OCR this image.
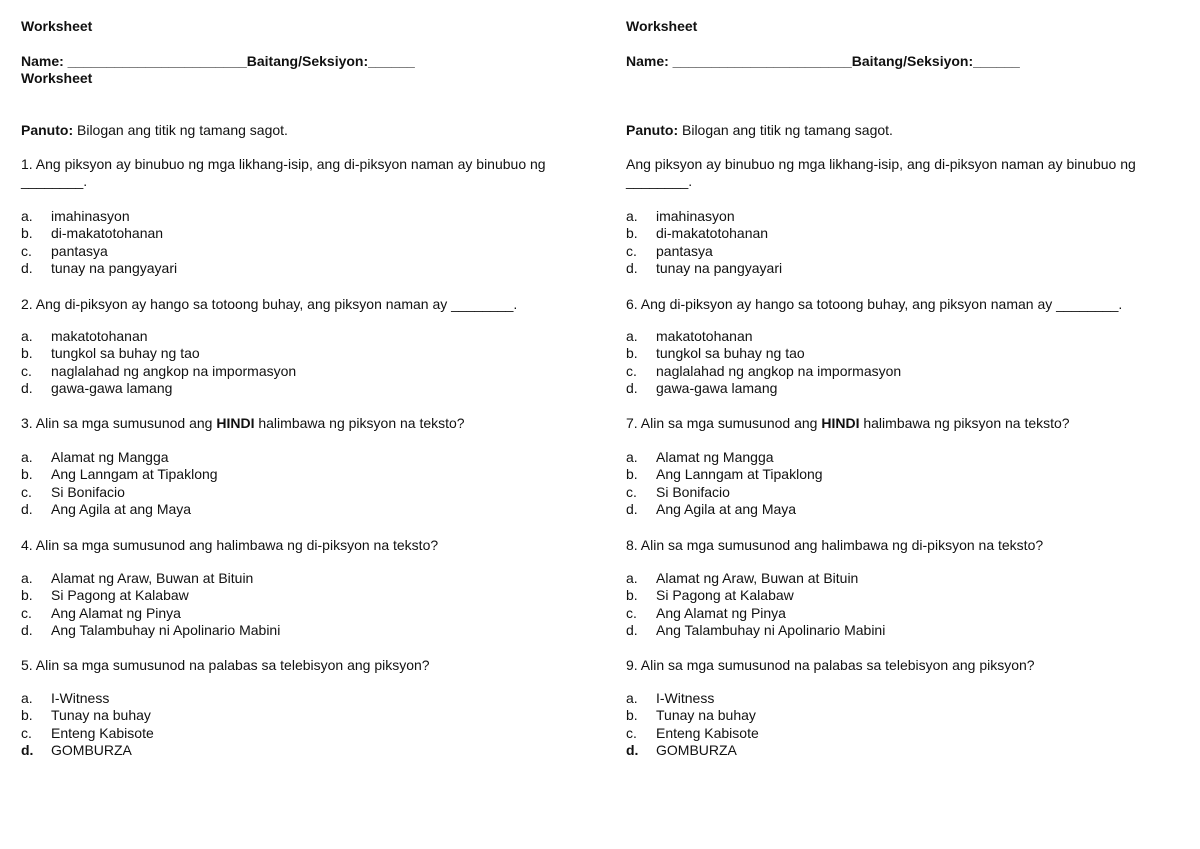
Worksheet
Name: _______________________Baitang/Seksiyon:______
Worksheet
Panuto: Bilogan ang titik ng tamang sagot.
1. Ang piksyon ay binubuo ng mga likhang-isip, ang di-piksyon naman ay binubuo ng ________.
a.	imahinasyon
b.	di-makatotohanan
c.	pantasya
d.	tunay na pangyayari
2. Ang di-piksyon ay hango sa totoong buhay, ang piksyon naman ay ________.
a.	makatotohanan
b.	tungkol sa buhay ng tao
c.	naglalahad ng angkop na impormasyon
d.	gawa-gawa lamang
3. Alin sa mga sumusunod ang HINDI halimbawa ng piksyon na teksto?
a.	Alamat ng Mangga
b.	Ang Lanngam at Tipaklong
c.	Si Bonifacio
d.	Ang Agila at ang Maya
4. Alin sa mga sumusunod ang halimbawa ng di-piksyon na teksto?
a.	Alamat ng Araw, Buwan at Bituin
b.	Si Pagong at Kalabaw
c.	Ang Alamat ng Pinya
d.	Ang Talambuhay ni Apolinario Mabini
5. Alin sa mga sumusunod na palabas sa telebisyon ang piksyon?
a.	I-Witness
b.	Tunay na buhay
c.	Enteng Kabisote
d.	GOMBURZA
Worksheet
Name: _______________________Baitang/Seksiyon:______
Panuto: Bilogan ang titik ng tamang sagot.
Ang piksyon ay binubuo ng mga likhang-isip, ang di-piksyon naman ay binubuo ng ________.
a.	imahinasyon
b.	di-makatotohanan
c.	pantasya
d.	tunay na pangyayari
6. Ang di-piksyon ay hango sa totoong buhay, ang piksyon naman ay ________.
a.	makatotohanan
b.	tungkol sa buhay ng tao
c.	naglalahad ng angkop na impormasyon
d.	gawa-gawa lamang
7. Alin sa mga sumusunod ang HINDI halimbawa ng piksyon na teksto?
a.	Alamat ng Mangga
b.	Ang Lanngam at Tipaklong
c.	Si Bonifacio
d.	Ang Agila at ang Maya
8. Alin sa mga sumusunod ang halimbawa ng di-piksyon na teksto?
a.	Alamat ng Araw, Buwan at Bituin
b.	Si Pagong at Kalabaw
c.	Ang Alamat ng Pinya
d.	Ang Talambuhay ni Apolinario Mabini
9. Alin sa mga sumusunod na palabas sa telebisyon ang piksyon?
a.	I-Witness
b.	Tunay na buhay
c.	Enteng Kabisote
d.	GOMBURZA
